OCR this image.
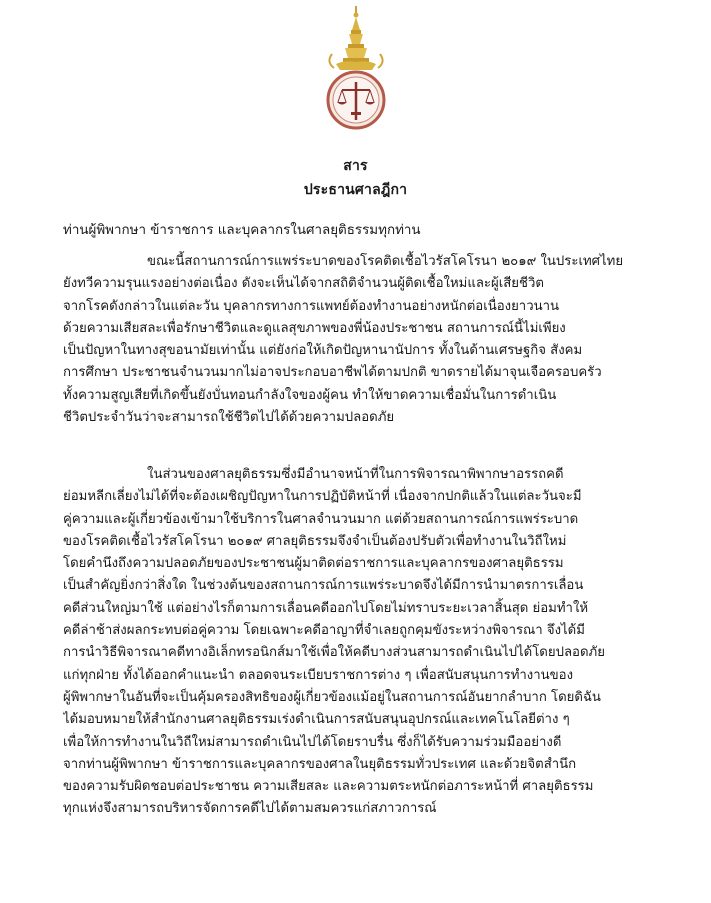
สาร
ประธานศาลฎีกา
ท่านผู้พิพากษา ข้าราชการ และบุคลากรในศาลยุติธรรมทุกท่าน
ขณะนี้สถานการณ์การแพร่ระบาดของโรคติดเชื้อไวรัสโคโรนา ๒๐๑๙ ในประเทศไทย
ยังทวีความรุนแรงอย่างต่อเนื่อง ดังจะเห็นได้จากสถิติจำนวนผู้ติดเชื้อใหม่และผู้เสียชีวิต
จากโรคดังกล่าวในแต่ละวัน บุคลากรทางการแพทย์ต้องทำงานอย่างหนักต่อเนื่องยาวนาน
ด้วยความเสียสละเพื่อรักษาชีวิตและดูแลสุขภาพของพี่น้องประชาชน สถานการณ์นี้ไม่เพียง
เป็นปัญหาในทางสุขอนามัยเท่านั้น แต่ยังก่อให้เกิดปัญหานานัปการ ทั้งในด้านเศรษฐกิจ สังคม
การศึกษา ประชาชนจำนวนมากไม่อาจประกอบอาชีพได้ตามปกติ ขาดรายได้มาจุนเจือครอบครัว
ทั้งความสูญเสียที่เกิดขึ้นยังบั่นทอนกำลังใจของผู้คน ทำให้ขาดความเชื่อมั่นในการดำเนิน
ชีวิตประจำวันว่าจะสามารถใช้ชีวิตไปได้ด้วยความปลอดภัย
ในส่วนของศาลยุติธรรมซึ่งมีอำนาจหน้าที่ในการพิจารณาพิพากษาอรรถคดี
ย่อมหลีกเลี่ยงไม่ได้ที่จะต้องเผชิญปัญหาในการปฏิบัติหน้าที่ เนื่องจากปกติแล้วในแต่ละวันจะมี
คู่ความและผู้เกี่ยวข้องเข้ามาใช้บริการในศาลจำนวนมาก แต่ด้วยสถานการณ์การแพร่ระบาด
ของโรคติดเชื้อไวรัสโคโรนา ๒๐๑๙ ศาลยุติธรรมจึงจำเป็นต้องปรับตัวเพื่อทำงานในวิถีใหม่
โดยคำนึงถึงความปลอดภัยของประชาชนผู้มาติดต่อราชการและบุคลากรของศาลยุติธรรม
เป็นสำคัญยิ่งกว่าสิ่งใด ในช่วงต้นของสถานการณ์การแพร่ระบาดจึงได้มีการนำมาตรการเลื่อน
คดีส่วนใหญ่มาใช้ แต่อย่างไรก็ตามการเลื่อนคดีออกไปโดยไม่ทราบระยะเวลาสิ้นสุด ย่อมทำให้
คดีล่าช้าส่งผลกระทบต่อคู่ความ โดยเฉพาะคดีอาญาที่จำเลยถูกคุมขังระหว่างพิจารณา จึงได้มี
การนำวิธีพิจารณาคดีทางอิเล็กทรอนิกส์มาใช้เพื่อให้คดีบางส่วนสามารถดำเนินไปได้โดยปลอดภัย
แก่ทุกฝ่าย ทั้งได้ออกคำแนะนำ ตลอดจนระเบียบราชการต่าง ๆ เพื่อสนับสนุนการทำงานของ
ผู้พิพากษาในอันที่จะเป็นคุ้มครองสิทธิของผู้เกี่ยวข้องแม้อยู่ในสถานการณ์อันยากลำบาก โดยดิฉัน
ได้มอบหมายให้สำนักงานศาลยุติธรรมเร่งดำเนินการสนับสนุนอุปกรณ์และเทคโนโลยีต่าง ๆ
เพื่อให้การทำงานในวิถีใหม่สามารถดำเนินไปได้โดยราบรื่น ซึ่งก็ได้รับความร่วมมืออย่างดี
จากท่านผู้พิพากษา ข้าราชการและบุคลากรของศาลในยุติธรรมทั่วประเทศ และด้วยจิตสำนึก
ของความรับผิดชอบต่อประชาชน ความเสียสละ และความตระหนักต่อภาระหน้าที่ ศาลยุติธรรม
ทุกแห่งจึงสามารถบริหารจัดการคดีไปได้ตามสมควรแก่สภาวการณ์
